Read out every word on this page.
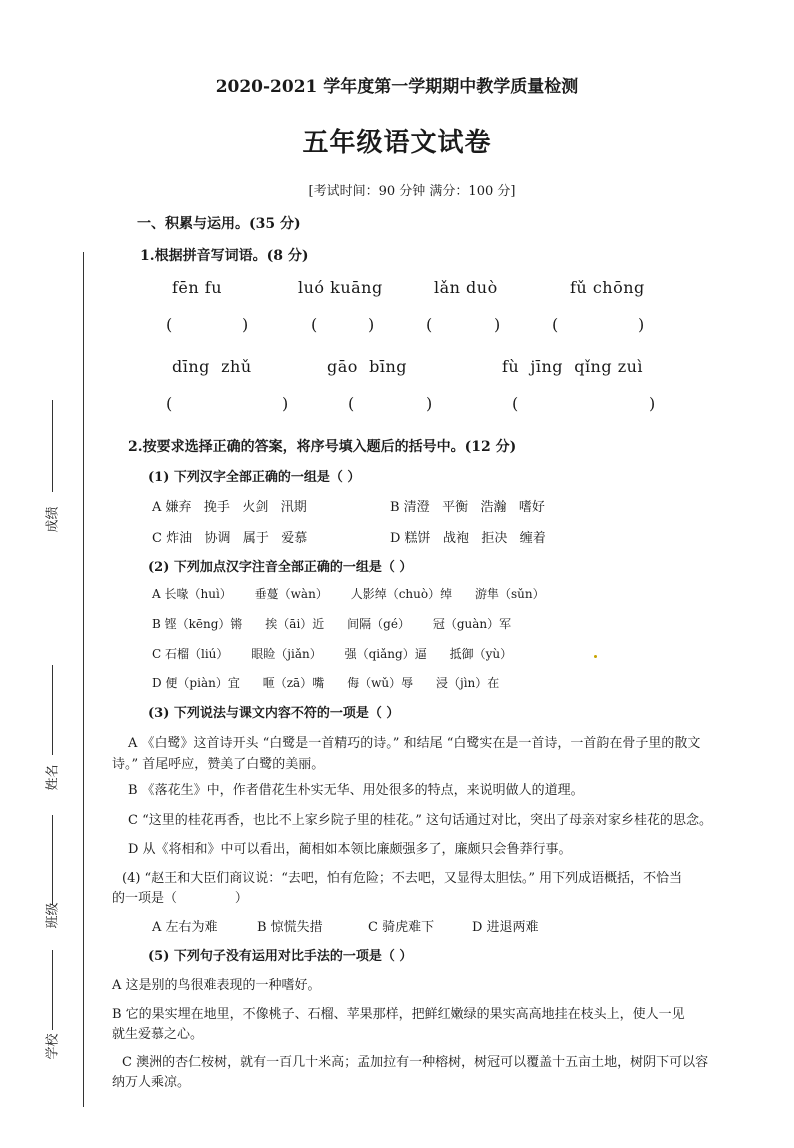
2020-2021 学年度第一学期期中教学质量检测
五年级语文试卷
[考试时间：90 分钟 满分：100 分]
成绩
姓名
班级
学校
一、积累与运用。(35 分)
1.根据拼音写词语。(8 分)
fēn fu	luó kuāng	lǎn duò	fǔ chōng
(	)	(	)	(	)	(	)
dīng  zhǔ	gāo  bīng	fù  jīng  qǐng zuì
(	)	(	)	(	)
2.按要求选择正确的答案，将序号填入题后的括号中。(12 分)
(1) 下列汉字全部正确的一组是（ ）
A 嫌弃   挽手   火剑   汛期	B 清澄   平衡   浩瀚   嗜好
C 炸油   协调   属于   爱慕	D 糕饼   战袍   拒决   缠着
(2) 下列加点汉字注音全部正确的一组是（ ）
A 长喙（huì）      垂蔓（wàn）      人影绰（chuò）绰      游隼（sǔn）
B 铿（kēng）锵      挨（āi）近      间隔（gé）      冠（guàn）军
C 石榴（liú）      眼睑（jiǎn）      强（qiǎng）逼      抵御（yù）
D 便（piàn）宜      咂（zā）嘴      侮（wǔ）辱      浸（jìn）在
(3) 下列说法与课文内容不符的一项是（ ）
A 《白鹭》这首诗开头 “白鹭是一首精巧的诗。” 和结尾 “白鹭实在是一首诗，一首韵在骨子里的散文
诗。” 首尾呼应，赞美了白鹭的美丽。
B 《落花生》中，作者借花生朴实无华、用处很多的特点，来说明做人的道理。
C “这里的桂花再香，也比不上家乡院子里的桂花。” 这句话通过对比，突出了母亲对家乡桂花的思念。
D 从《将相和》中可以看出，蔺相如本领比廉颇强多了，廉颇只会鲁莽行事。
(4) “赵王和大臣们商议说：“去吧，怕有危险；不去吧，又显得太胆怯。” 用下列成语概括，不恰当
的一项是（              ）
A 左右为难	B 惊慌失措	C 骑虎难下	D 进退两难
(5) 下列句子没有运用对比手法的一项是（ ）
A 这是别的鸟很难表现的一种嗜好。
B 它的果实埋在地里，不像桃子、石榴、苹果那样，把鲜红嫩绿的果实高高地挂在枝头上，使人一见
就生爱慕之心。
C 澳洲的杏仁桉树，就有一百几十米高；孟加拉有一种榕树，树冠可以覆盖十五亩土地，树阴下可以容
纳万人乘凉。
